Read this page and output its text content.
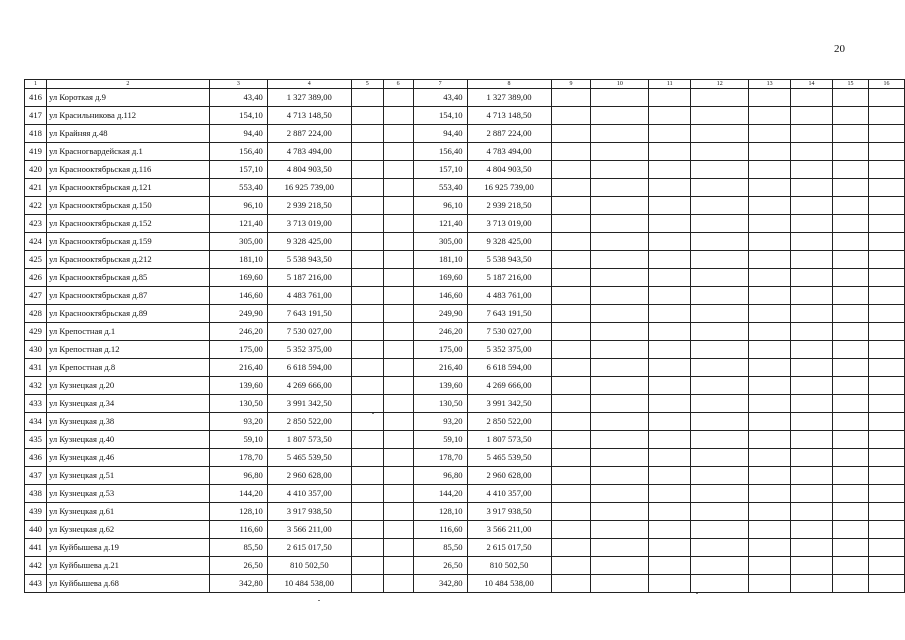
20
1	2	3	4	5	6	7	8	9	10	11	12	13	14	15	16
416	ул Короткая д.9	43,40	1 327 389,00			43,40	1 327 389,00								
417	ул Красильникова д.112	154,10	4 713 148,50			154,10	4 713 148,50								
418	ул Крайняя д.48	94,40	2 887 224,00			94,40	2 887 224,00								
419	ул Красногвардейская д.1	156,40	4 783 494,00			156,40	4 783 494,00								
420	ул Краснооктябрьская д.116	157,10	4 804 903,50			157,10	4 804 903,50								
421	ул Краснооктябрьская д.121	553,40	16 925 739,00			553,40	16 925 739,00								
422	ул Краснооктябрьская д.150	96,10	2 939 218,50			96,10	2 939 218,50								
423	ул Краснооктябрьская д.152	121,40	3 713 019,00			121,40	3 713 019,00								
424	ул Краснооктябрьская д.159	305,00	9 328 425,00			305,00	9 328 425,00								
425	ул Краснооктябрьская д.212	181,10	5 538 943,50			181,10	5 538 943,50								
426	ул Краснооктябрьская д.85	169,60	5 187 216,00			169,60	5 187 216,00								
427	ул Краснооктябрьская д.87	146,60	4 483 761,00			146,60	4 483 761,00								
428	ул Краснооктябрьская д.89	249,90	7 643 191,50			249,90	7 643 191,50								
429	ул Крепостная д.1	246,20	7 530 027,00			246,20	7 530 027,00								
430	ул Крепостная д.12	175,00	5 352 375,00			175,00	5 352 375,00								
431	ул Крепостная д.8	216,40	6 618 594,00			216,40	6 618 594,00								
432	ул Кузнецкая д.20	139,60	4 269 666,00			139,60	4 269 666,00								
433	ул Кузнецкая д.34	130,50	3 991 342,50			130,50	3 991 342,50								
434	ул Кузнецкая д.38	93,20	2 850 522,00			93,20	2 850 522,00								
435	ул Кузнецкая д.40	59,10	1 807 573,50			59,10	1 807 573,50								
436	ул Кузнецкая д.46	178,70	5 465 539,50			178,70	5 465 539,50								
437	ул Кузнецкая д.51	96,80	2 960 628,00			96,80	2 960 628,00								
438	ул Кузнецкая д.53	144,20	4 410 357,00			144,20	4 410 357,00								
439	ул Кузнецкая д.61	128,10	3 917 938,50			128,10	3 917 938,50								
440	ул Кузнецкая д.62	116,60	3 566 211,00			116,60	3 566 211,00								
441	ул Куйбышева д.19	85,50	2 615 017,50			85,50	2 615 017,50								
442	ул Куйбышева д.21	26,50	810 502,50			26,50	810 502,50								
443	ул Куйбышева д.68	342,80	10 484 538,00			342,80	10 484 538,00								
